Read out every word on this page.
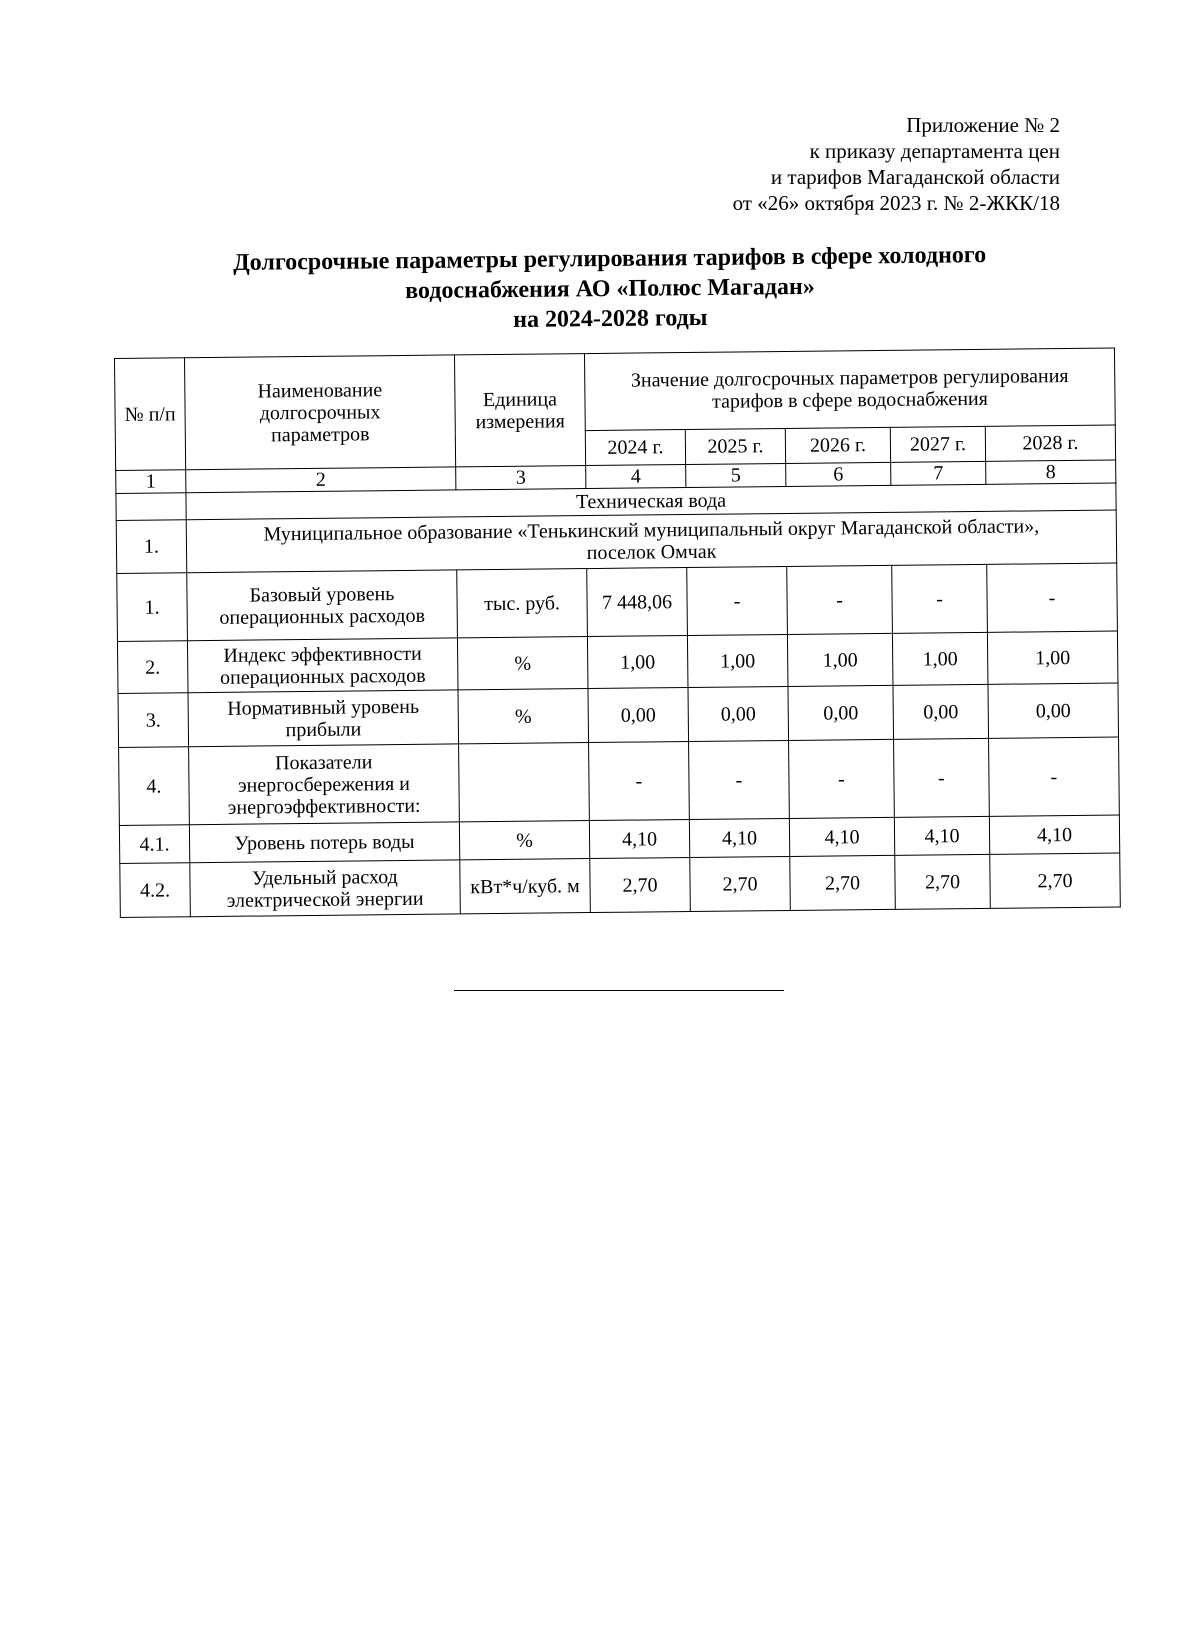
Приложение № 2
к приказу департамента цен
и тарифов Магаданской области
от «26» октября 2023 г. № 2-ЖКК/18
Долгосрочные параметры регулирования тарифов в сфере холодного
водоснабжения АО «Полюс Магадан»
на 2024-2028 годы
№ п/п	Наименование долгосрочных параметров	Единица измерения	Значение долгосрочных параметров регулирования тарифов в сфере водоснабжения				
			2024 г.	2025 г.	2026 г.	2027 г.	2028 г.
1	2	3	4	5	6	7	8
	Техническая вода						
1.	Муниципальное образование «Тенькинский муниципальный округ Магаданской области», поселок Омчак						
1.	Базовый уровень операционных расходов	тыс. руб.	7 448,06	-	-	-	-
2.	Индекс эффективности операционных расходов	%	1,00	1,00	1,00	1,00	1,00
3.	Нормативный уровень прибыли	%	0,00	0,00	0,00	0,00	0,00
4.	Показатели энергосбережения и энергоэффективности:		-	-	-	-	-
4.1.	Уровень потерь воды	%	4,10	4,10	4,10	4,10	4,10
4.2.	Удельный расход электрической энергии	кВт*ч/куб. м	2,70	2,70	2,70	2,70	2,70
